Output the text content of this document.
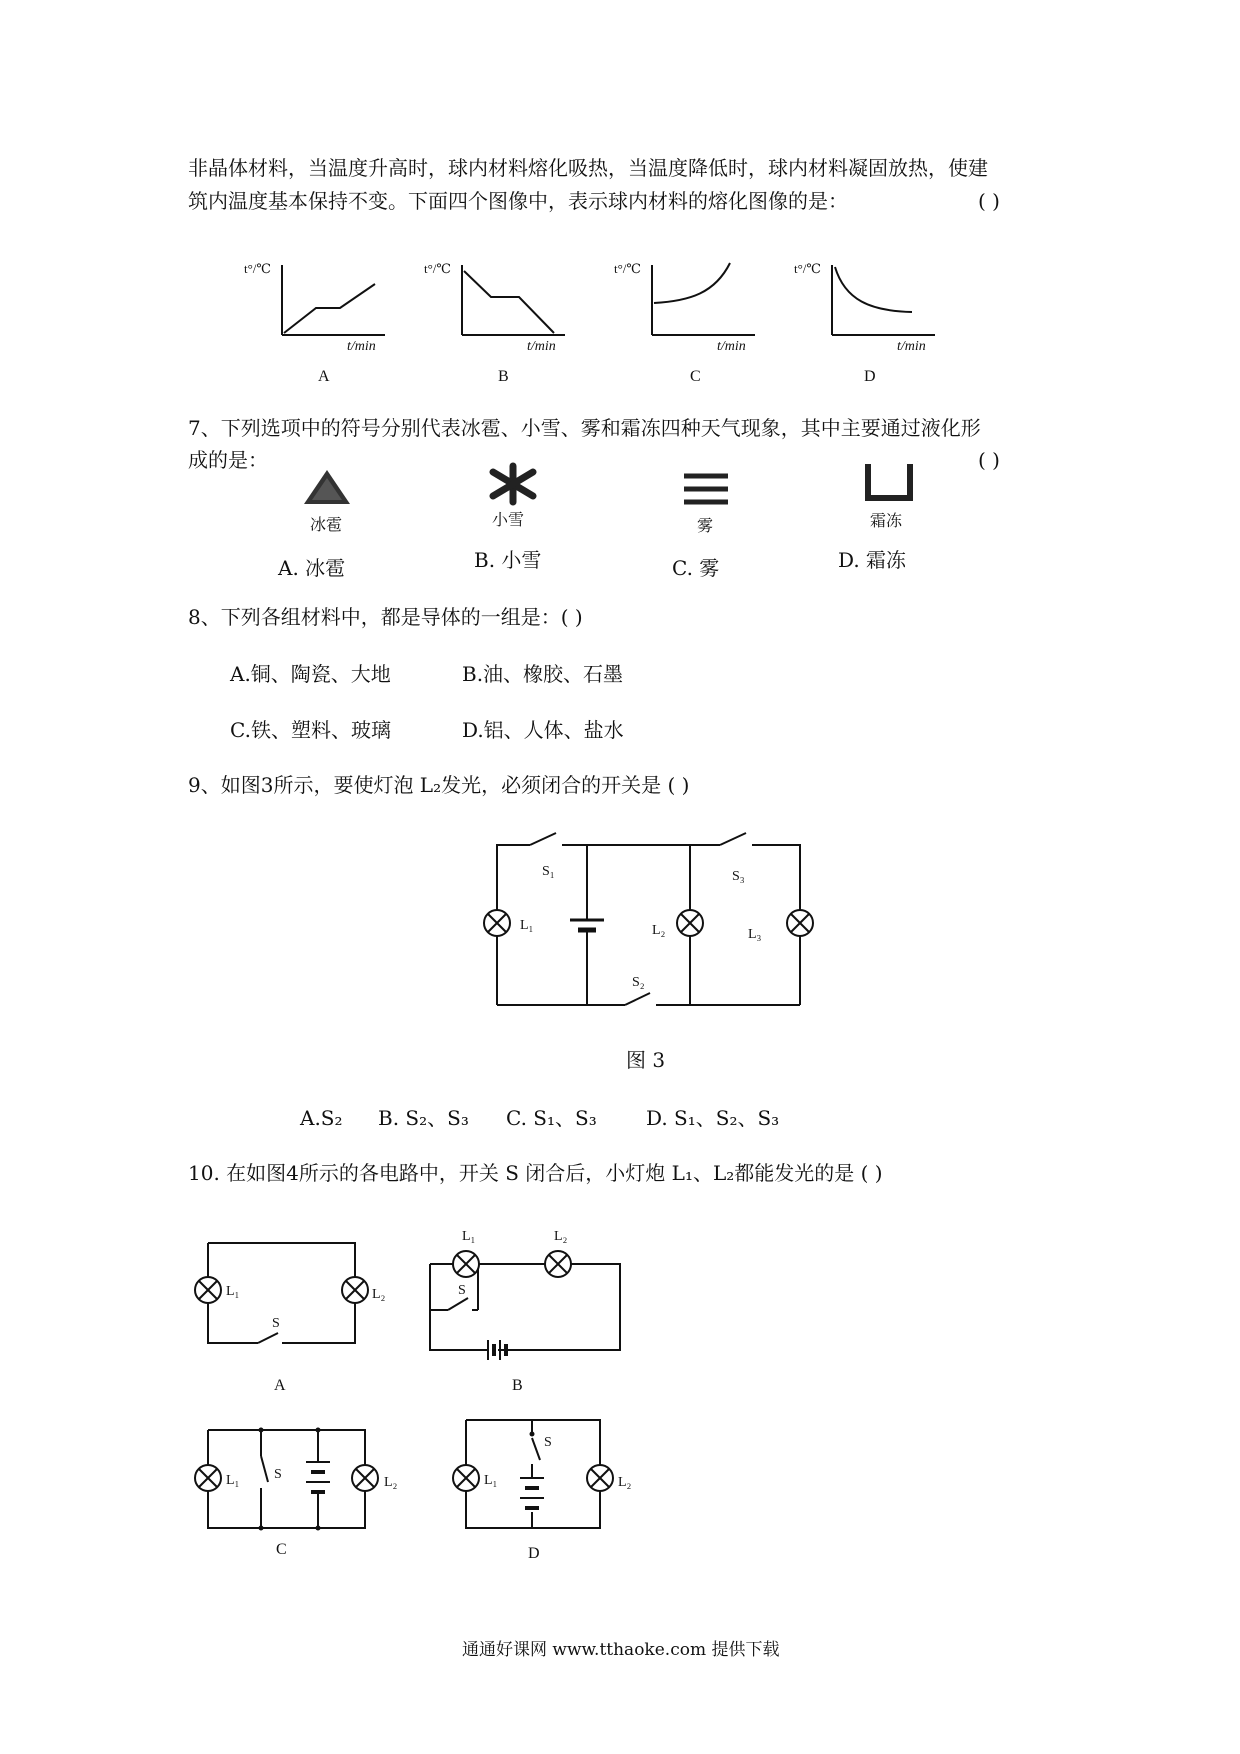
非晶体材料，当温度升高时，球内材料熔化吸热，当温度降低时，球内材料凝固放热，使建
筑内温度基本保持不变。下面四个图像中，表示球内材料的熔化图像的是：	( )
t°/℃
t/min
A
t°/℃
t/min
B
t°/℃
t/min
C
t°/℃
t/min
D
7、下列选项中的符号分别代表冰雹、小雪、雾和霜冻四种天气现象，其中主要通过液化形
成的是：	( )
冰雹	小雪	雾	霜冻
A. 冰雹	B. 小雪	C. 雾	D. 霜冻
8、下列各组材料中，都是导体的一组是：( )
A.铜、陶瓷、大地	B.油、橡胶、石墨
C.铁、塑料、玻璃	D.铝、人体、盐水
9、如图3所示，要使灯泡 L₂发光，必须闭合的开关是 ( )
S₁	S₃
S₂
L₁	L₂	L₃
图 3
A.S₂ B. S₂、S₃ C. S₁、S₃ D. S₁、S₂、S₃
10. 在如图4所示的各电路中，开关 S 闭合后，小灯炮 L₁、L₂都能发光的是 ( )
L₁	L₂
S
A
L₁	L₂
S
B
L₁	L₂
S
C
L₁	L₂
S
D
通通好课网 www.tthaoke.com 提供下载
